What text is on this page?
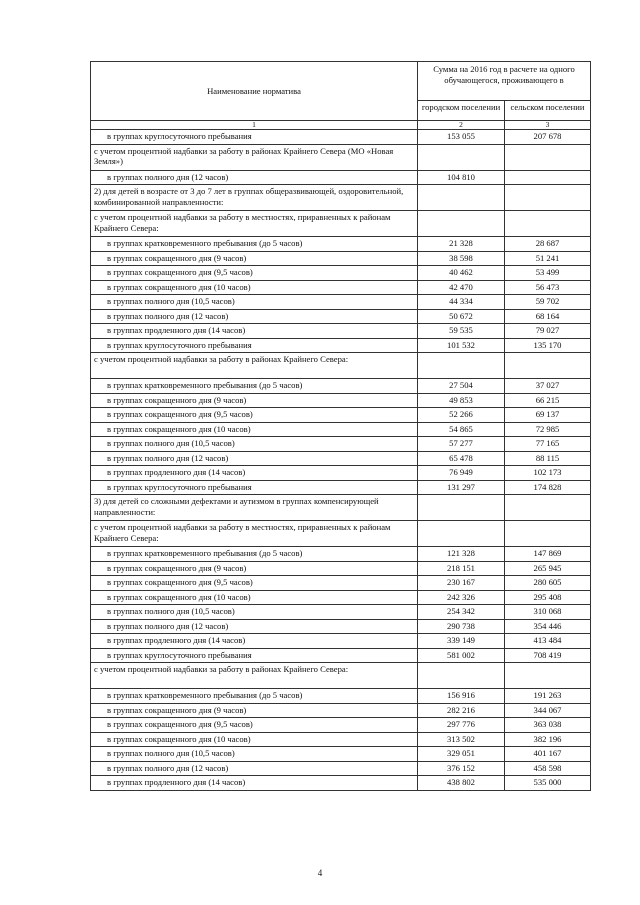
Наименование норматива	Сумма на 2016 год в расчете на одного обучающегося, проживающего в	
	городском поселении	сельском поселении
1	2	3
в группах круглосуточного пребывания	153 055	207 678
с учетом процентной надбавки за работу в районах Крайнего Севера (МО «Новая Земля»)		
в группах полного дня (12 часов)	104 810	
2) для детей в возрасте от 3 до 7 лет в группах общеразвивающей, оздоровительной, комбинированной направленности:		
с учетом процентной надбавки за работу в местностях, приравненных к районам Крайнего Севера:		
в группах кратковременного пребывания (до 5 часов)	21 328	28 687
в группах сокращенного дня (9 часов)	38 598	51 241
в группах сокращенного дня (9,5 часов)	40 462	53 499
в группах сокращенного дня (10 часов)	42 470	56 473
в группах полного дня (10,5 часов)	44 334	59 702
в группах полного дня (12 часов)	50 672	68 164
в группах продленного дня (14 часов)	59 535	79 027
в группах круглосуточного пребывания	101 532	135 170
с учетом процентной надбавки за работу в районах Крайнего Севера:		
в группах кратковременного пребывания (до 5 часов)	27 504	37 027
в группах сокращенного дня (9 часов)	49 853	66 215
в группах сокращенного дня (9,5 часов)	52 266	69 137
в группах сокращенного дня (10 часов)	54 865	72 985
в группах полного дня (10,5 часов)	57 277	77 165
в группах полного дня (12 часов)	65 478	88 115
в группах продленного дня (14 часов)	76 949	102 173
в группах круглосуточного пребывания	131 297	174 828
3) для детей со сложными дефектами и аутизмом в группах компенсирующей направленности:		
с учетом процентной надбавки за работу в местностях, приравненных к районам Крайнего Севера:		
в группах кратковременного пребывания (до 5 часов)	121 328	147 869
в группах сокращенного дня (9 часов)	218 151	265 945
в группах сокращенного дня (9,5 часов)	230 167	280 605
в группах сокращенного дня (10 часов)	242 326	295 408
в группах полного дня (10,5 часов)	254 342	310 068
в группах полного дня (12 часов)	290 738	354 446
в группах продленного дня (14 часов)	339 149	413 484
в группах круглосуточного пребывания	581 002	708 419
с учетом процентной надбавки за работу в районах Крайнего Севера:		
в группах кратковременного пребывания (до 5 часов)	156 916	191 263
в группах сокращенного дня (9 часов)	282 216	344 067
в группах сокращенного дня (9,5 часов)	297 776	363 038
в группах сокращенного дня (10 часов)	313 502	382 196
в группах полного дня (10,5 часов)	329 051	401 167
в группах полного дня (12 часов)	376 152	458 598
в группах продленного дня (14 часов)	438 802	535 000
4
